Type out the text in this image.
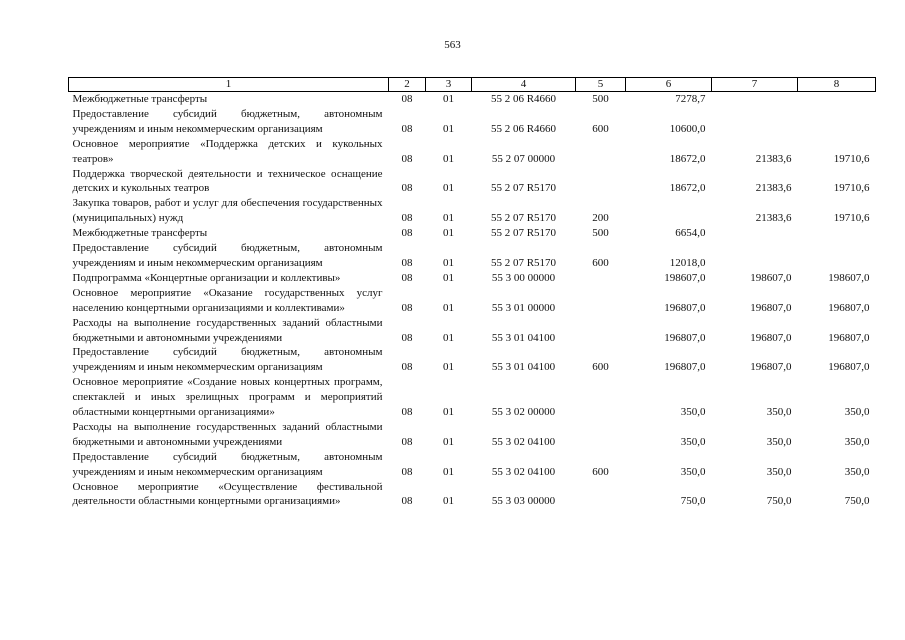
563
1	2	3	4	5	6	7	8
Межбюджетные трансферты	08	01	55 2 06 R4660	500	7278,7		
Предоставление субсидий бюджетным, автономным учреждениям и иным некоммерческим организациям	08	01	55 2 06 R4660	600	10600,0		
Основное мероприятие «Поддержка детских и кукольных театров»	08	01	55 2 07 00000		18672,0	21383,6	19710,6
Поддержка творческой деятельности и техническое оснащение детских и кукольных театров	08	01	55 2 07 R5170		18672,0	21383,6	19710,6
Закупка товаров, работ и услуг для обеспечения государственных (муниципальных) нужд	08	01	55 2 07 R5170	200		21383,6	19710,6
Межбюджетные трансферты	08	01	55 2 07 R5170	500	6654,0		
Предоставление субсидий бюджетным, автономным учреждениям и иным некоммерческим организациям	08	01	55 2 07 R5170	600	12018,0		
Подпрограмма «Концертные организации и коллективы»	08	01	55 3 00 00000		198607,0	198607,0	198607,0
Основное мероприятие «Оказание государственных услуг населению концертными организациями и коллективами»	08	01	55 3 01 00000		196807,0	196807,0	196807,0
Расходы на выполнение государственных заданий областными бюджетными и автономными учреждениями	08	01	55 3 01 04100		196807,0	196807,0	196807,0
Предоставление субсидий бюджетным, автономным учреждениям и иным некоммерческим организациям	08	01	55 3 01 04100	600	196807,0	196807,0	196807,0
Основное мероприятие «Создание новых концертных программ, спектаклей и иных зрелищных программ и мероприятий областными концертными организациями»	08	01	55 3 02 00000		350,0	350,0	350,0
Расходы на выполнение государственных заданий областными бюджетными и автономными учреждениями	08	01	55 3 02 04100		350,0	350,0	350,0
Предоставление субсидий бюджетным, автономным учреждениям и иным некоммерческим организациям	08	01	55 3 02 04100	600	350,0	350,0	350,0
Основное мероприятие «Осуществление фестивальной деятельности областными концертными организациями»	08	01	55 3 03 00000		750,0	750,0	750,0
